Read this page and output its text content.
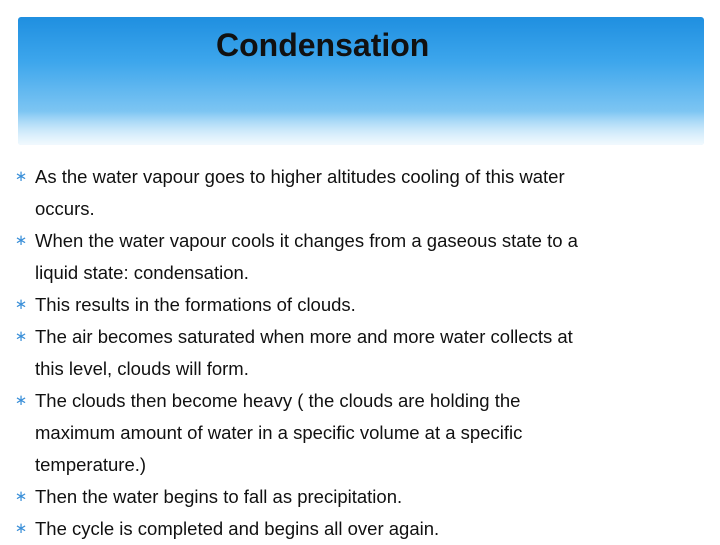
Condensation
∗ As the water vapour goes to higher altitudes cooling of this water
occurs.
∗ When the water vapour cools it changes from a gaseous state to a
liquid state: condensation.
∗ This results in the formations of clouds.
∗ The air becomes saturated when more and more water collects at
this level, clouds will form.
∗ The clouds then become heavy ( the clouds are holding the
maximum amount of water in a specific volume at a specific
temperature.)
∗ Then the water begins to fall as precipitation.
∗ The cycle is completed and begins all over again.
